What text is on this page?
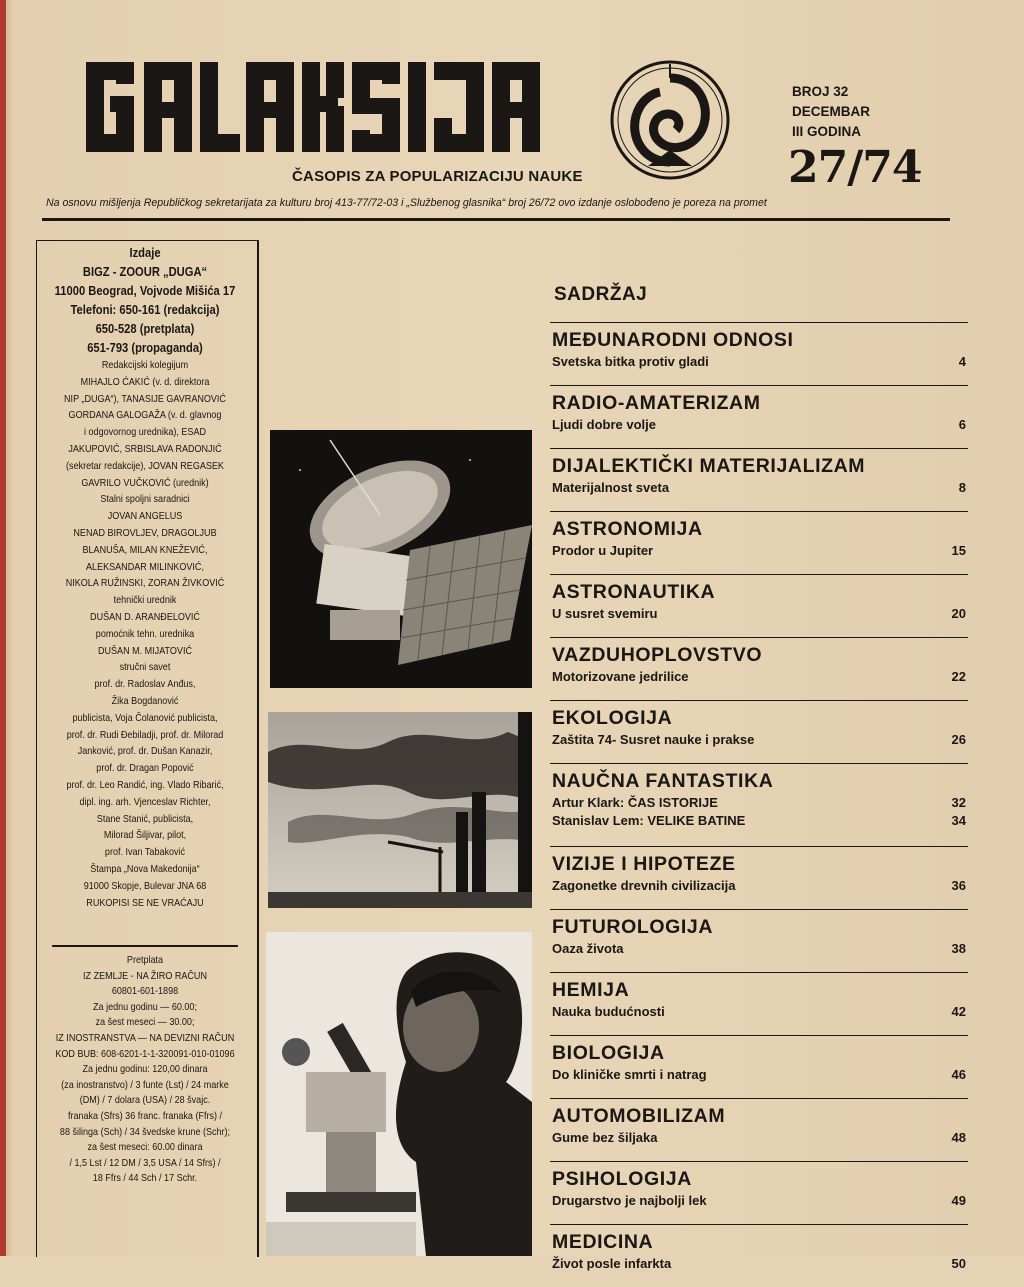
ČASOPIS ZA POPULARIZACIJU NAUKE
BROJ 32
DECEMBAR
III GODINA
27/74
Na osnovu mišljenja Republičkog sekretarijata za kulturu broj 413-77/72-03 i „Službenog glasnika“ broj 26/72 ovo izdanje oslobođeno je poreza na promet

Izdaje

BIGZ - ZOOUR „DUGA“

11000 Beograd, Vojvode Mišića 17

Telefoni: 650-161 (redakcija)

650-528 (pretplata)

651-793 (propaganda)

Redakcijski kolegijum

MIHAJLO ĆAKIĆ (v. d. direktora

NIP „DUGA“), TANASIJE GAVRANOVIĆ

GORDANA GALOGAŽA (v. d. glavnog

i odgovornog urednika), ESAD

JAKUPOVIĆ, SRBISLAVA RADONJIĆ

(sekretar redakcije), JOVAN REGASEK

GAVRILO VUČKOVIĆ (urednik)

Stalni spoljni saradnici

JOVAN ANGELUS

NENAD BIROVLJEV, DRAGOLJUB

BLANUŠA, MILAN KNEŽEVIĆ,

ALEKSANDAR MILINKOVIĆ,

NIKOLA RUŽINSKI, ZORAN ŽIVKOVIĆ

tehnički urednik

DUŠAN D. ARANĐELOVIĆ

pomoćnik tehn. urednika

DUŠAN M. MIJATOVIĆ

stručni savet

prof. dr. Radoslav Anđus,

Žika Bogdanović

publicista, Voja Čolanović publicista,

prof. dr. Rudi Đebiladji, prof. dr. Milorad

Janković, prof. dr. Dušan Kanazir,

prof. dr. Dragan Popović

prof. dr. Leo Randić, ing. Vlado Ribarić,

dipl. ing. arh. Vjenceslav Richter,

Stane Stanić, publicista,

Milorad Šiljivar, pilot,

prof. Ivan Tabaković

Štampa „Nova Makedonija“

91000 Skopje, Bulevar JNA 68

RUKOPISI SE NE VRAĆAJU

Pretplata

IZ ZEMLJE - NA ŽIRO RAČUN

60801-601-1898

Za jednu godinu — 60.00;

za šest meseci — 30.00;

IZ INOSTRANSTVA — NA DEVIZNI RAČUN

KOD BUB: 608-6201-1-1-320091-010-01096

Za jednu godinu: 120,00 dinara

(za inostranstvo) / 3 funte (Lst) / 24 marke

(DM) / 7 dolara (USA) / 28 švajc.

franaka (Sfrs) 36 franc. franaka (Ffrs) /

88 šilinga (Sch) / 34 švedske krune (Schr);

za šest meseci: 60.00 dinara

/ 1,5 Lst / 12 DM / 3,5 USA / 14 Sfrs) /

18 Ffrs / 44 Sch / 17 Schr.

SADRŽAJ
MEĐUNARODNI ODNOSI
Svetska bitka protiv gladi	4
RADIO-AMATERIZAM
Ljudi dobre volje	6
DIJALEKTIČKI MATERIJALIZAM
Materijalnost sveta	8
ASTRONOMIJA
Prodor u Jupiter	15
ASTRONAUTIKA
U susret svemiru	20
VAZDUHOPLOVSTVO
Motorizovane jedrilice	22
EKOLOGIJA
Zaštita 74- Susret nauke i prakse	26
NAUČNA FANTASTIKA
Artur Klark: ČAS ISTORIJE	32
Stanislav Lem: VELIKE BATINE	34
VIZIJE I HIPOTEZE
Zagonetke drevnih civilizacija	36
FUTUROLOGIJA
Oaza života	38
HEMIJA
Nauka budućnosti	42
BIOLOGIJA
Do kliničke smrti i natrag	46
AUTOMOBILIZAM
Gume bez šiljaka	48
PSIHOLOGIJA
Drugarstvo je najbolji lek	49
MEDICINA
Život posle infarkta	50
